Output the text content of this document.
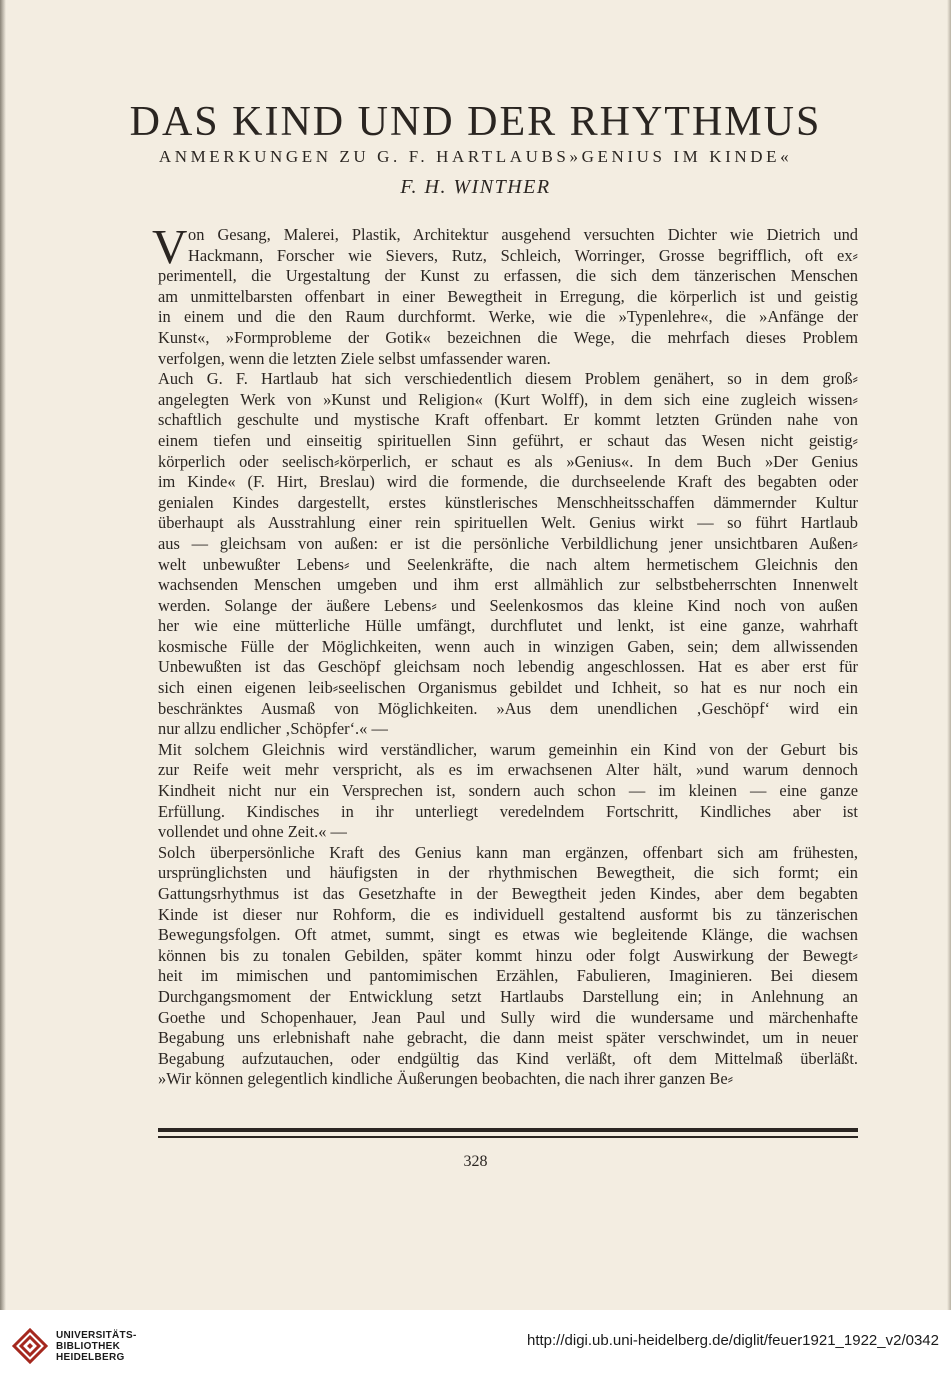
DAS KIND UND DER RHYTHMUS
ANMERKUNGEN ZU G. F. HARTLAUBS»GENIUS IM KINDE«

F. H. WINTHER

on Gesang, Malerei, Plastik, Architektur ausgehend versuchten Dichter wie Dietrich und
Hackmann, Forscher wie Sievers, Rutz, Schleich, Worringer, Grosse begrifflich, oft ex⸗
perimentell, die Urgestaltung der Kunst zu erfassen, die sich dem tänzerischen Menschen
am unmittelbarsten offenbart in einer Bewegtheit in Erregung, die körperlich ist und geistig
in einem und die den Raum durchformt. Werke, wie die »Typenlehre«, die »Anfänge der
Kunst«, »Formprobleme der Gotik« bezeichnen die Wege, die mehrfach dieses Problem
verfolgen, wenn die letzten Ziele selbst umfassender waren.
Auch G. F. Hartlaub hat sich verschiedentlich diesem Problem genähert, so in dem groß⸗
angelegten Werk von »Kunst und Religion« (Kurt Wolff), in dem sich eine zugleich wissen⸗
schaftlich geschulte und mystische Kraft offenbart. Er kommt letzten Gründen nahe von
einem tiefen und einseitig spirituellen Sinn geführt, er schaut das Wesen nicht geistig⸗
körperlich oder seelisch⸗körperlich, er schaut es als »Genius«. In dem Buch »Der Genius
im Kinde« (F. Hirt, Breslau) wird die formende, die durchseelende Kraft des begabten oder
genialen Kindes dargestellt, erstes künstlerisches Menschheitsschaffen dämmernder Kultur
überhaupt als Ausstrahlung einer rein spirituellen Welt. Genius wirkt — so führt Hartlaub
aus — gleichsam von außen: er ist die persönliche Verbildlichung jener unsichtbaren Außen⸗
welt unbewußter Lebens⸗ und Seelenkräfte, die nach altem hermetischem Gleichnis den
wachsenden Menschen umgeben und ihm erst allmählich zur selbstbeherrschten Innenwelt
werden. Solange der äußere Lebens⸗ und Seelenkosmos das kleine Kind noch von außen
her wie eine mütterliche Hülle umfängt, durchflutet und lenkt, ist eine ganze, wahrhaft
kosmische Fülle der Möglichkeiten, wenn auch in winzigen Gaben, sein; dem allwissenden
Unbewußten ist das Geschöpf gleichsam noch lebendig angeschlossen. Hat es aber erst für
sich einen eigenen leib⸗seelischen Organismus gebildet und Ichheit, so hat es nur noch ein
beschränktes Ausmaß von Möglichkeiten. »Aus dem unendlichen ‚Geschöpf‘ wird ein
nur allzu endlicher ‚Schöpfer‘.« —
Mit solchem Gleichnis wird verständlicher, warum gemeinhin ein Kind von der Geburt bis
zur Reife weit mehr verspricht, als es im erwachsenen Alter hält, »und warum dennoch
Kindheit nicht nur ein Versprechen ist, sondern auch schon — im kleinen — eine ganze
Erfüllung. Kindisches in ihr unterliegt veredelndem Fortschritt, Kindliches aber ist
vollendet und ohne Zeit.« —
Solch überpersönliche Kraft des Genius kann man ergänzen, offenbart sich am frühesten,
ursprünglichsten und häufigsten in der rhythmischen Bewegtheit, die sich formt; ein
Gattungsrhythmus ist das Gesetzhafte in der Bewegtheit jeden Kindes, aber dem begabten
Kinde ist dieser nur Rohform, die es individuell gestaltend ausformt bis zu tänzerischen
Bewegungsfolgen. Oft atmet, summt, singt es etwas wie begleitende Klänge, die wachsen
können bis zu tonalen Gebilden, später kommt hinzu oder folgt Auswirkung der Bewegt⸗
heit im mimischen und pantomimischen Erzählen, Fabulieren, Imaginieren. Bei diesem
Durchgangsmoment der Entwicklung setzt Hartlaubs Darstellung ein; in Anlehnung an
Goethe und Schopenhauer, Jean Paul und Sully wird die wundersame und märchenhafte
Begabung uns erlebnishaft nahe gebracht, die dann meist später verschwindet, um in neuer
Begabung aufzutauchen, oder endgültig das Kind verläßt, oft dem Mittelmaß überläßt.
»Wir können gelegentlich kindliche Äußerungen beobachten, die nach ihrer ganzen Be⸗
V

328

UNIVERSITÄTS-
BIBLIOTHEK
HEIDELBERG
http://digi.ub.uni-heidelberg.de/diglit/feuer1921_1922_v2/0342
